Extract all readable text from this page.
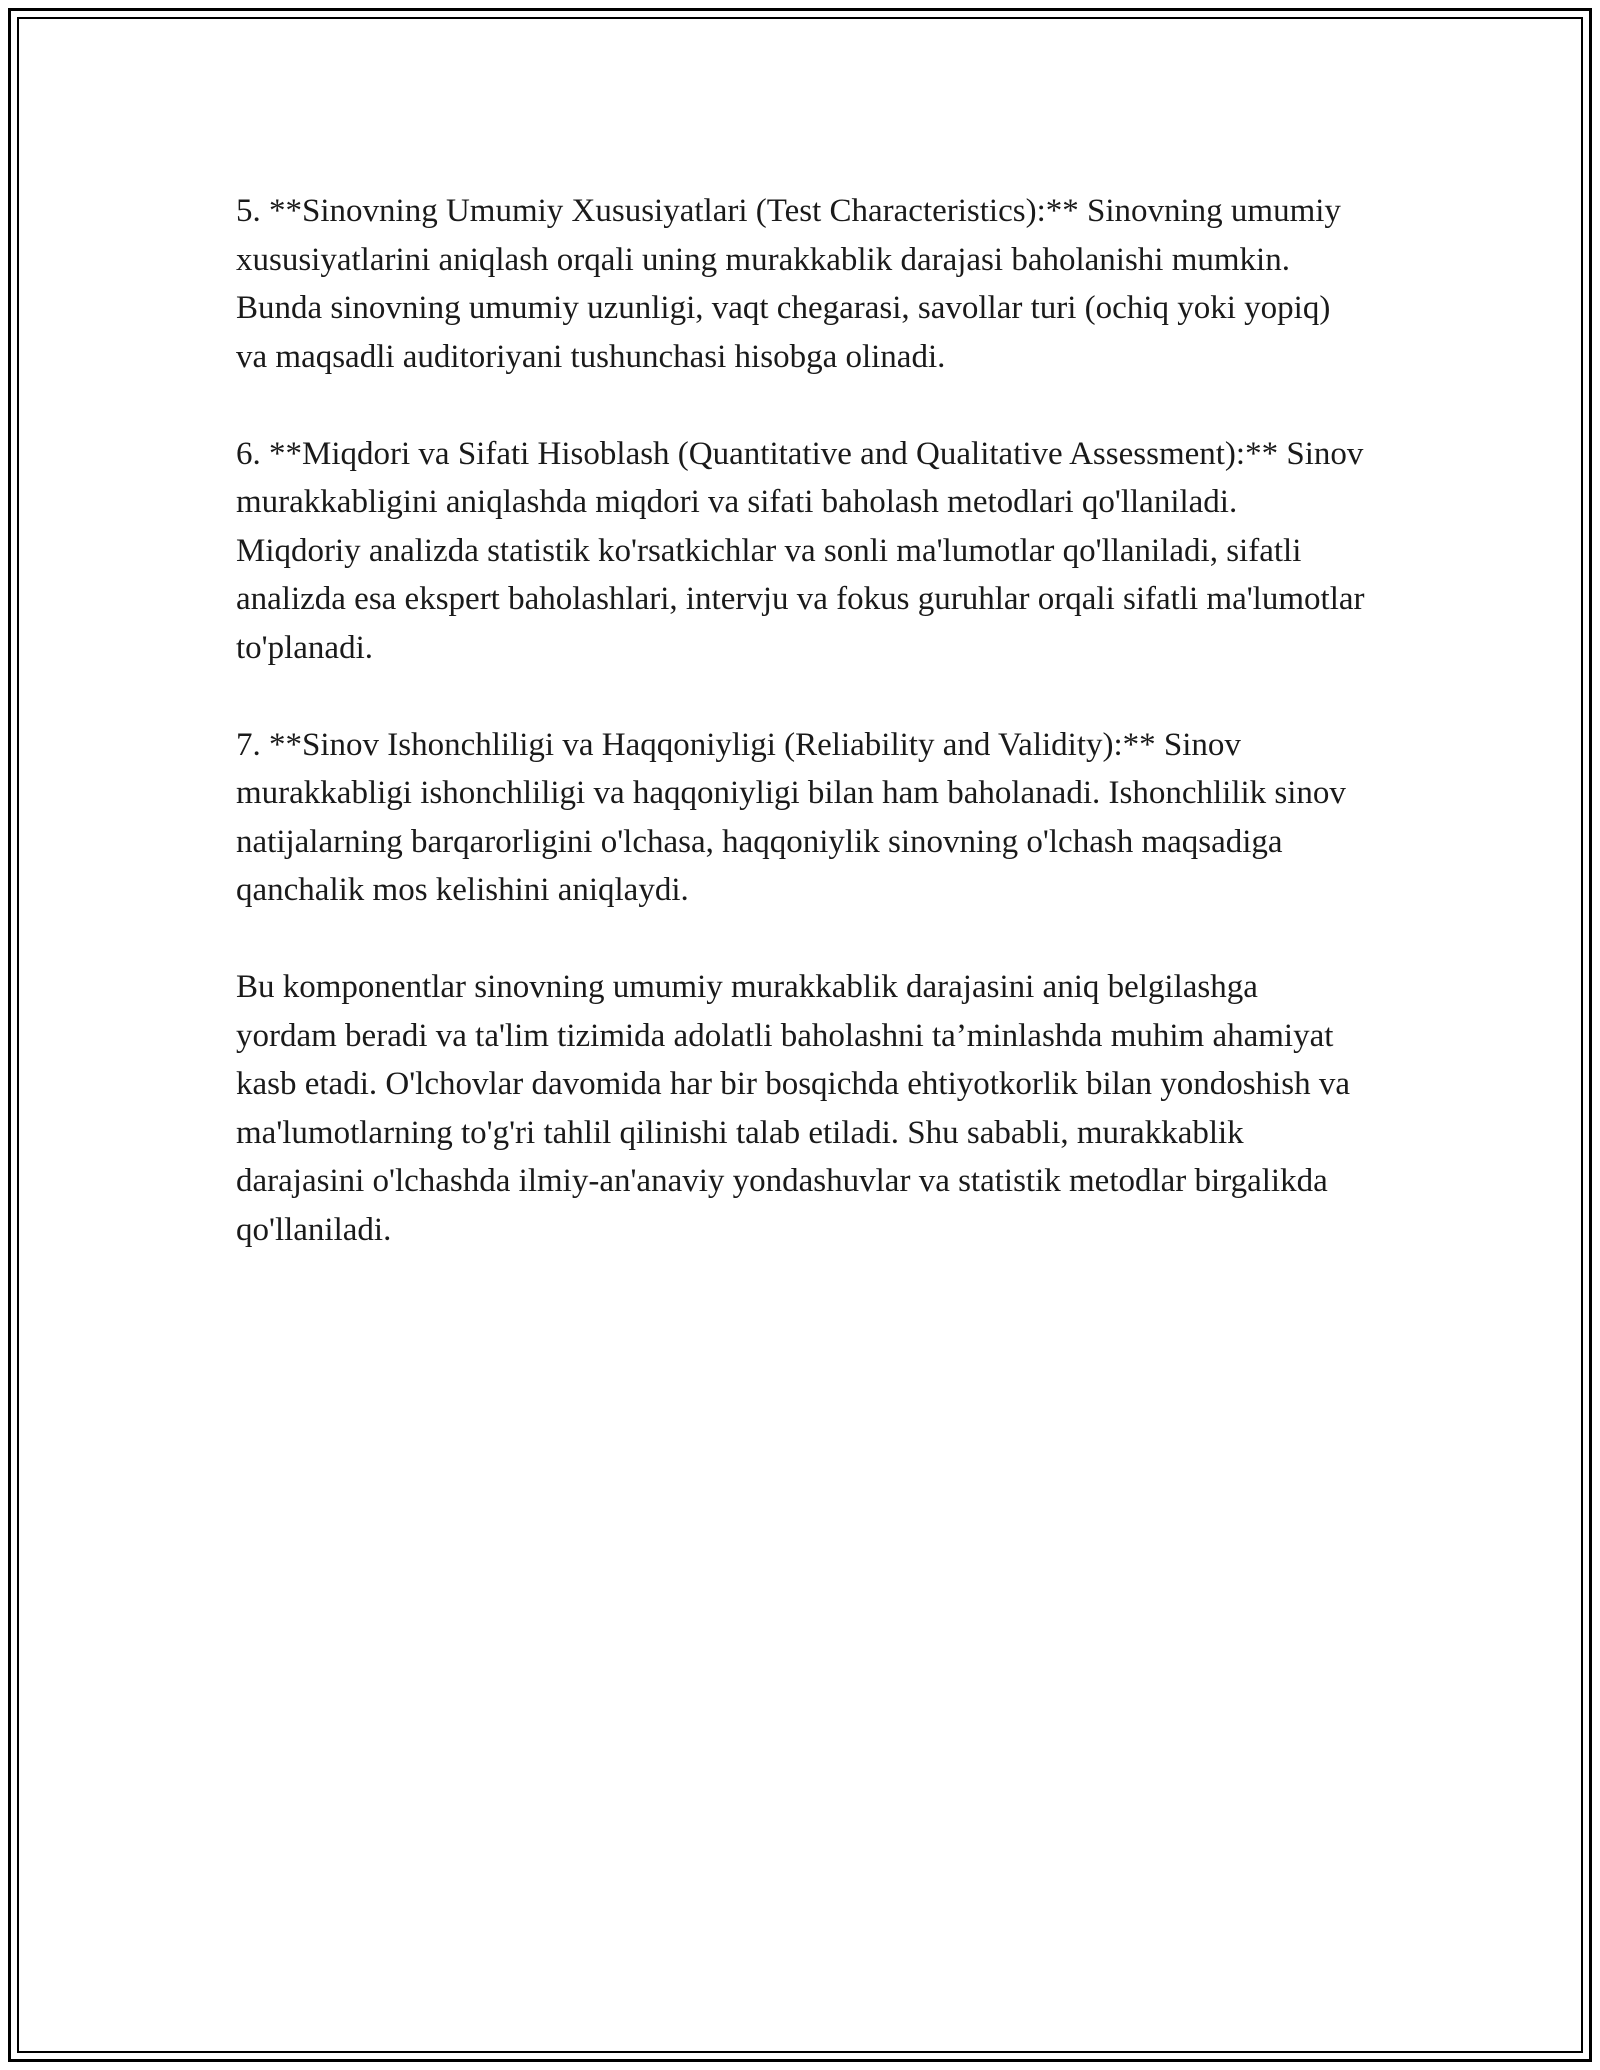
5. **Sinovning Umumiy Xususiyatlari (Test Characteristics):** Sinovning umumiy xususiyatlarini aniqlash orqali uning murakkablik darajasi baholanishi mumkin. Bunda sinovning umumiy uzunligi, vaqt chegarasi, savollar turi (ochiq yoki yopiq) va maqsadli auditoriyani tushunchasi hisobga olinadi.

6. **Miqdori va Sifati Hisoblash (Quantitative and Qualitative Assessment):** Sinov murakkabligini aniqlashda miqdori va sifati baholash metodlari qo'llaniladi. Miqdoriy analizda statistik ko'rsatkichlar va sonli ma'lumotlar qo'llaniladi, sifatli analizda esa ekspert baholashlari, intervju va fokus guruhlar orqali sifatli ma'lumotlar to'planadi.

7. **Sinov Ishonchliligi va Haqqoniyligi (Reliability and Validity):** Sinov murakkabligi ishonchliligi va haqqoniyligi bilan ham baholanadi. Ishonchlilik sinov natijalarning barqarorligini o'lchasa, haqqoniylik sinovning o'lchash maqsadiga qanchalik mos kelishini aniqlaydi.

Bu komponentlar sinovning umumiy murakkablik darajasini aniq belgilashga yordam beradi va ta'lim tizimida adolatli baholashni ta’minlashda muhim ahamiyat kasb etadi. O'lchovlar davomida har bir bosqichda ehtiyotkorlik bilan yondoshish va ma'lumotlarning to'g'ri tahlil qilinishi talab etiladi. Shu sababli, murakkablik darajasini o'lchashda ilmiy-an'anaviy yondashuvlar va statistik metodlar birgalikda qo'llaniladi.
